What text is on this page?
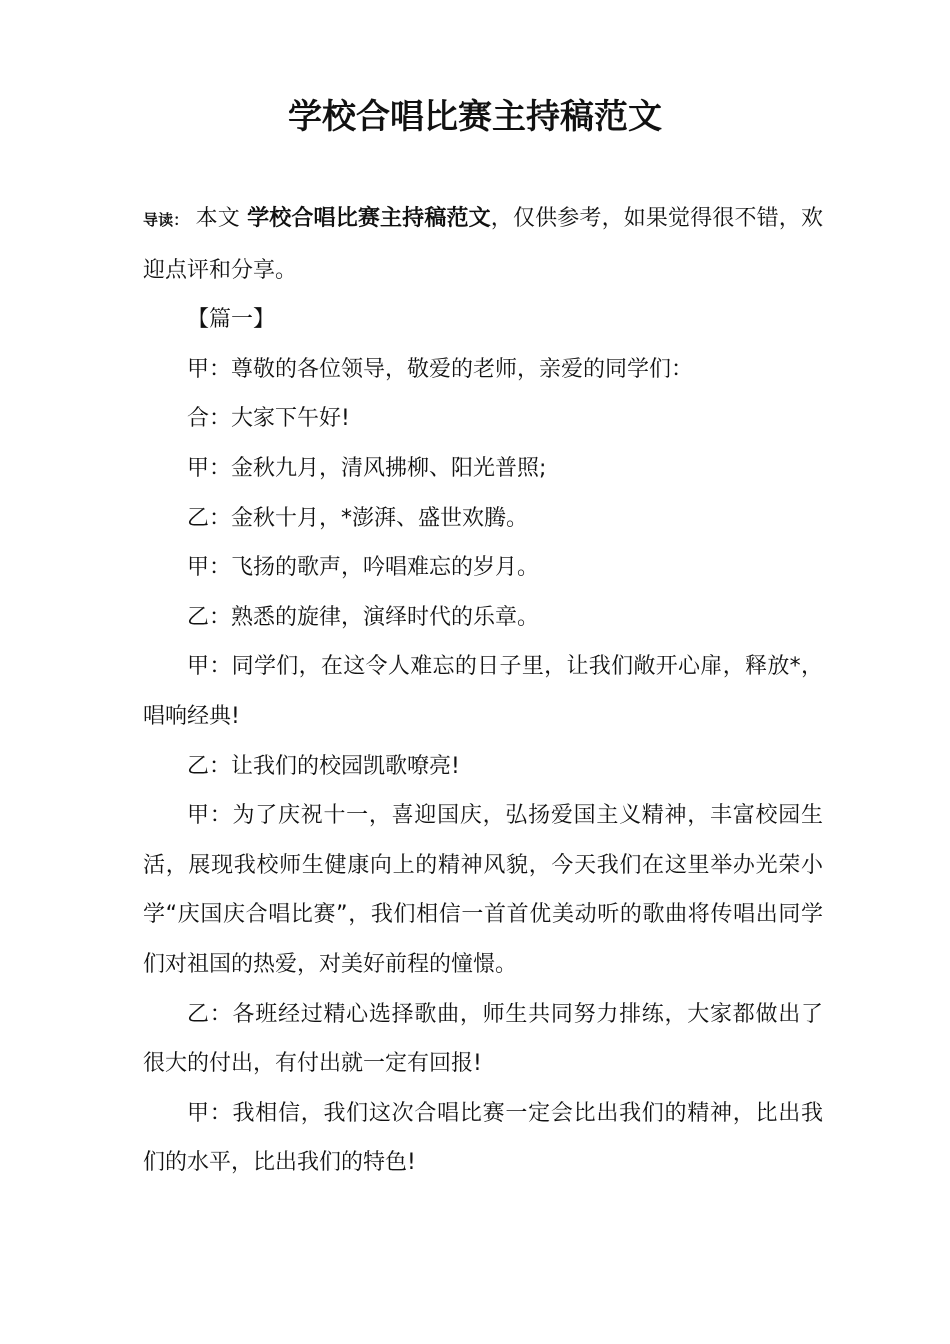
学校合唱比赛主持稿范文

导读： 本文 学校合唱比赛主持稿范文，仅供参考，如果觉得很不错，欢迎点评和分享。

【篇一】

甲：尊敬的各位领导，敬爱的老师，亲爱的同学们：

合：大家下午好!

甲：金秋九月，清风拂柳、阳光普照;

乙：金秋十月，*澎湃、盛世欢腾。

甲：飞扬的歌声，吟唱难忘的岁月。

乙：熟悉的旋律，演绎时代的乐章。

甲：同学们，在这令人难忘的日子里，让我们敞开心扉，释放*，唱响经典!

乙：让我们的校园凯歌嘹亮!

甲：为了庆祝十一，喜迎国庆，弘扬爱国主义精神，丰富校园生活，展现我校师生健康向上的精神风貌，今天我们在这里举办光荣小学“庆国庆合唱比赛”，我们相信一首首优美动听的歌曲将传唱出同学们对祖国的热爱，对美好前程的憧憬。

乙：各班经过精心选择歌曲，师生共同努力排练，大家都做出了很大的付出，有付出就一定有回报!

甲：我相信，我们这次合唱比赛一定会比出我们的精神，比出我们的水平，比出我们的特色!
